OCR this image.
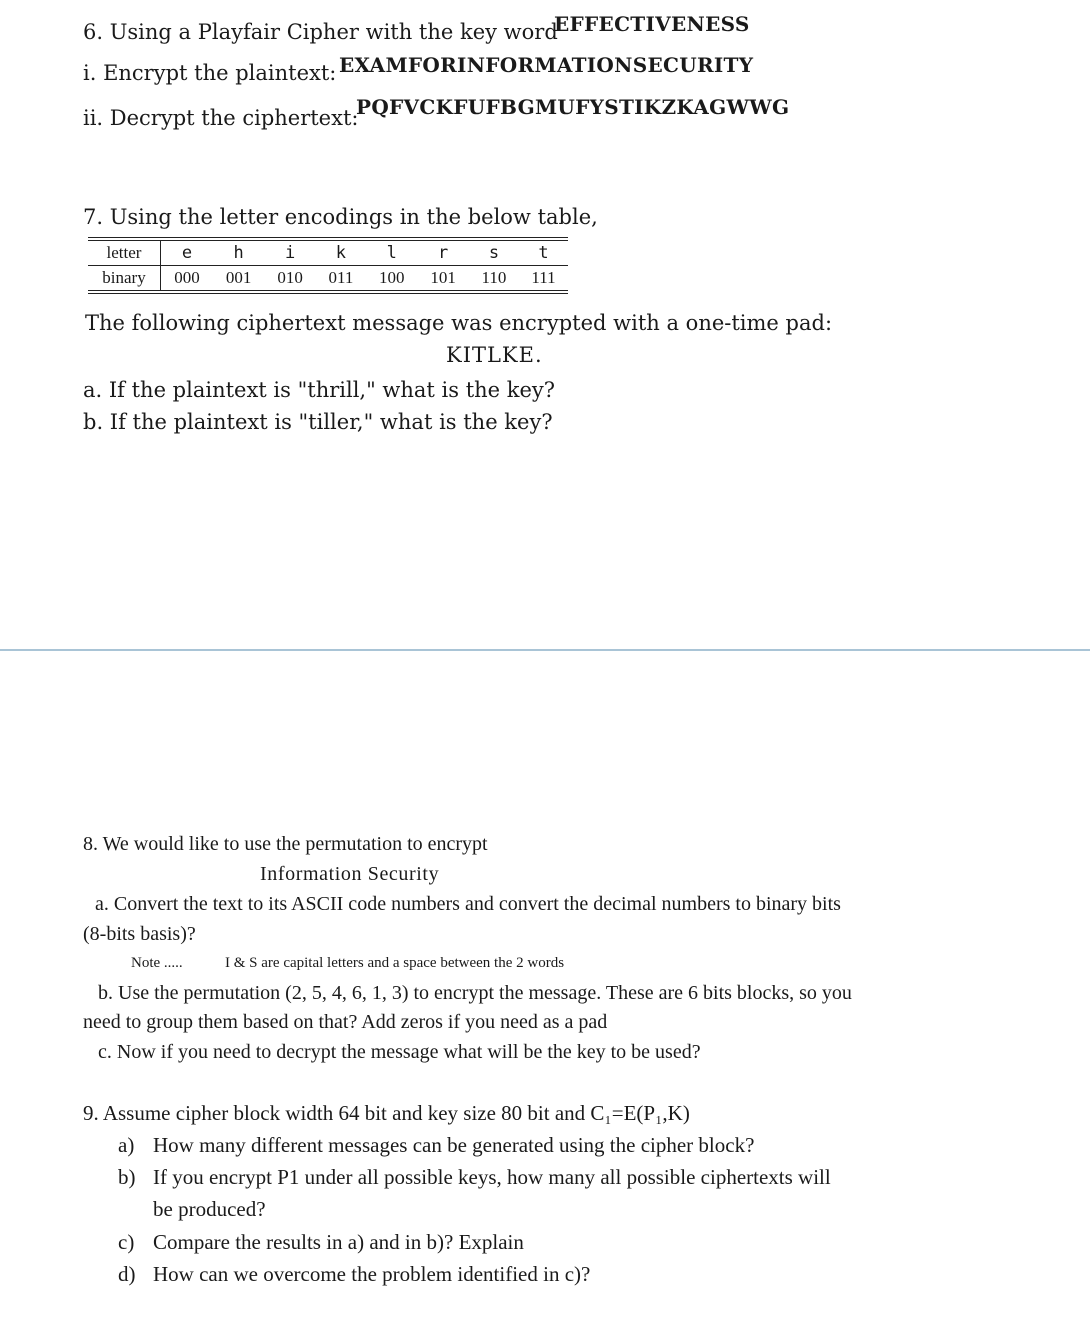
6. Using a Playfair Cipher with the key word
EFFECTIVENESS
i. Encrypt the plaintext: EXAMFORINFORMATIONSECURITY
ii. Decrypt the ciphertext:
PQFVCKFUFBGMUFYSTIKZKAGWWG
7. Using the letter encodings in the below table,
letter	e	h	i	k	l	r	s	t
binary	000	001	010	011	100	101	110	111
The following ciphertext message was encrypted with a one-time pad:
KITLKE.
a. If the plaintext is "thrill," what is the key?
b. If the plaintext is "tiller," what is the key?
8. We would like to use the permutation to encrypt
Information Security
a. Convert the text to its ASCII code numbers and convert the decimal numbers to binary bits
(8-bits basis)?
Note .....	I & S are capital letters and a space between the 2 words
b. Use the permutation (2, 5, 4, 6, 1, 3) to encrypt the message. These are 6 bits blocks, so you
need to group them based on that? Add zeros if you need as a pad
c. Now if you need to decrypt the message what will be the key to be used?
9. Assume cipher block width 64 bit and key size 80 bit and C₁=E(P₁,K)
a) How many different messages can be generated using the cipher block?
b) If you encrypt P1 under all possible keys, how many all possible ciphertexts will
be produced?
c) Compare the results in a) and in b)? Explain
d) How can we overcome the problem identified in c)?
